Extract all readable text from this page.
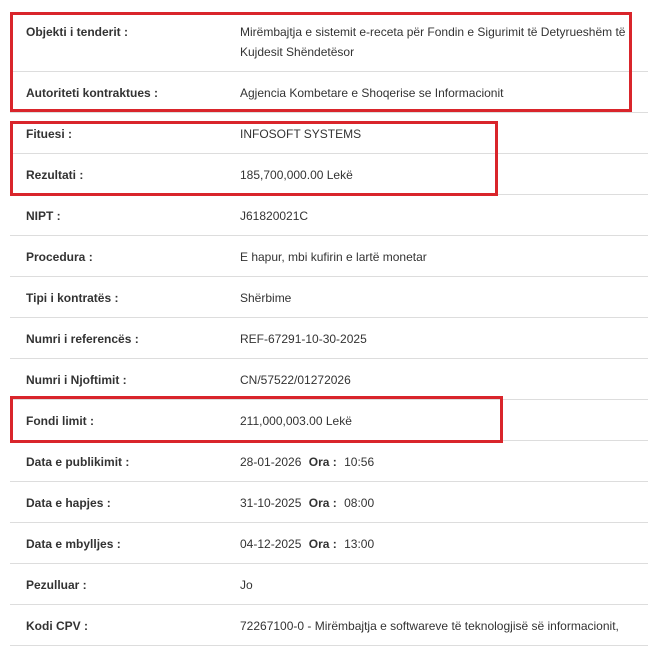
Objekti i tenderit :	Mirëmbajtja e sistemit e-receta për Fondin e Sigurimit të Detyrueshëm të Kujdesit Shëndetësor
Autoriteti kontraktues :	Agjencia Kombetare e Shoqerise se Informacionit
Fituesi :	INFOSOFT SYSTEMS
Rezultati :	185,700,000.00 Lekë
NIPT :	J61820021C
Procedura :	E hapur, mbi kufirin e lartë monetar
Tipi i kontratës :	Shërbime
Numri i referencës :	REF-67291-10-30-2025
Numri i Njoftimit :	CN/57522/01272026
Fondi limit :	211,000,003.00 Lekë
Data e publikimit :	28-01-2026 Ora : 10:56
Data e hapjes :	31-10-2025 Ora : 08:00
Data e mbylljes :	04-12-2025 Ora : 13:00
Pezulluar :	Jo
Kodi CPV :	72267100-0 - Mirëmbajtja e softwareve të teknologjisë së informacionit,
